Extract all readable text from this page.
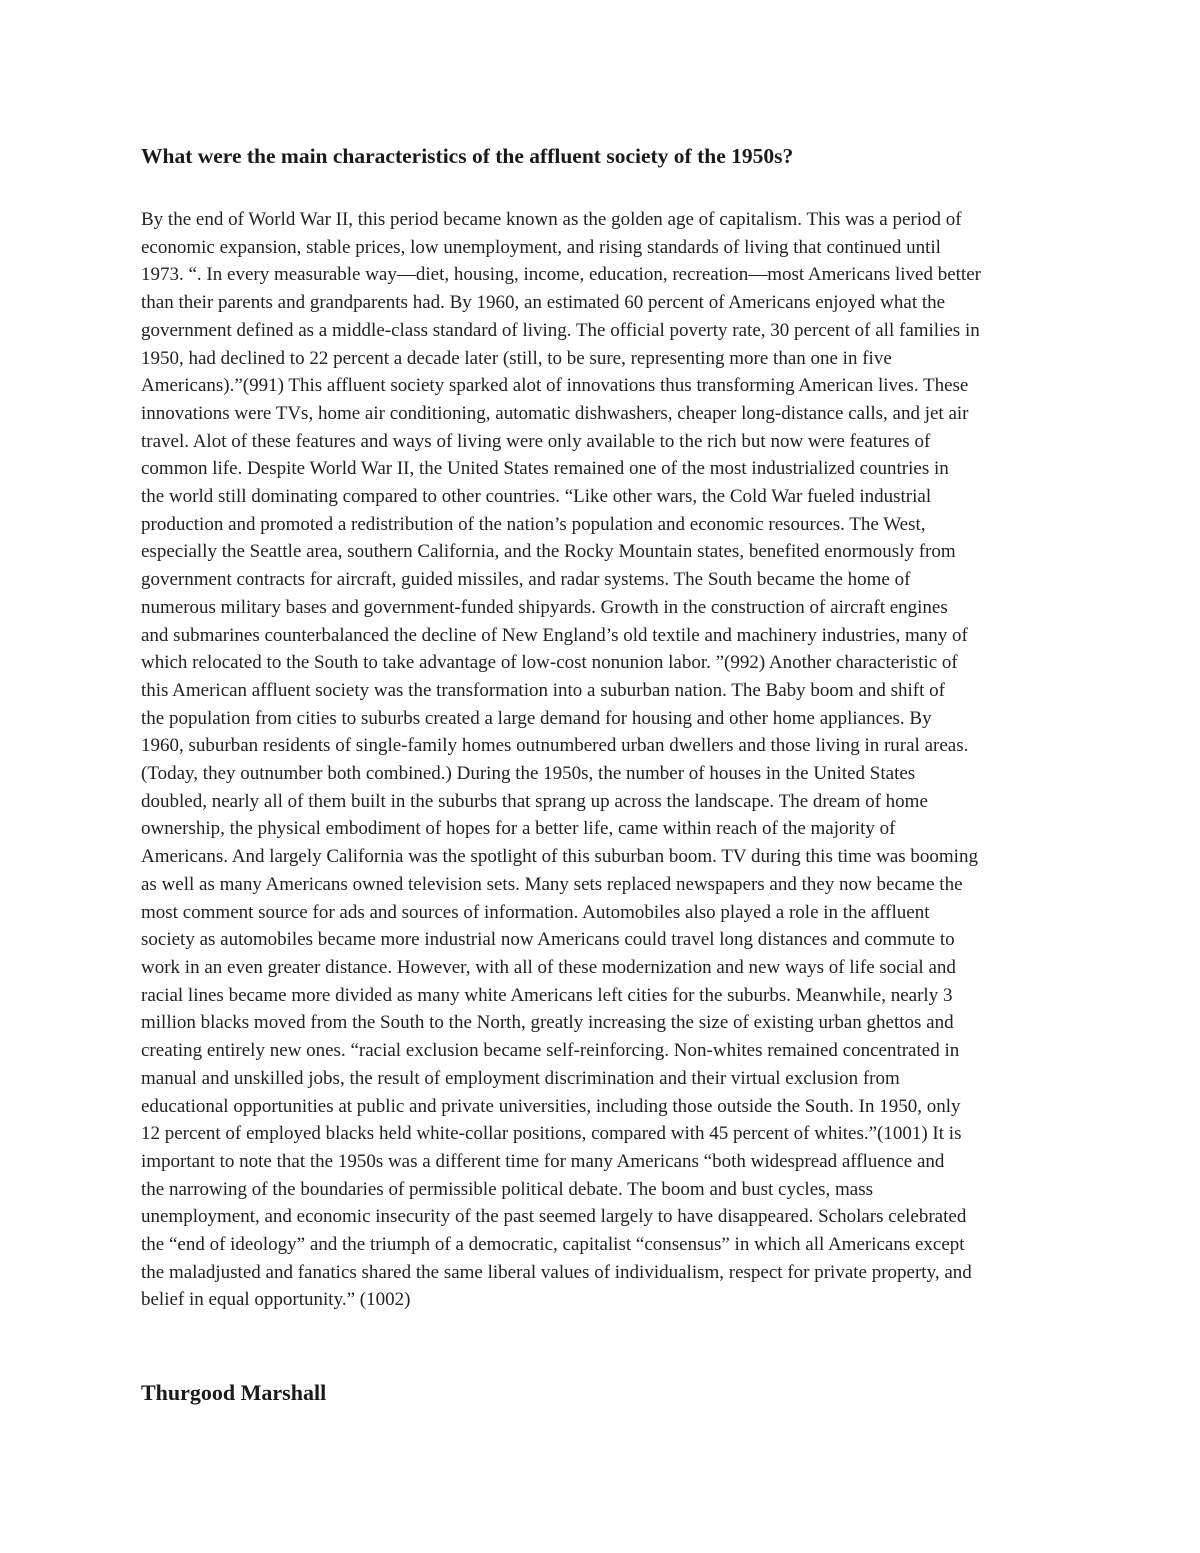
What were the main characteristics of the affluent society of the 1950s?
By the end of World War II, this period became known as the golden age of capitalism. This was a period of
economic expansion, stable prices, low unemployment, and rising standards of living that continued until
1973. “. In every measurable way—diet, housing, income, education, recreation—most Americans lived better
than their parents and grandparents had. By 1960, an estimated 60 percent of Americans enjoyed what the
government defined as a middle-class standard of living. The official poverty rate, 30 percent of all families in
1950, had declined to 22 percent a decade later (still, to be sure, representing more than one in five
Americans).”(991) This affluent society sparked alot of innovations thus transforming American lives. These
innovations were TVs, home air conditioning, automatic dishwashers, cheaper long-distance calls, and jet air
travel. Alot of these features and ways of living were only available to the rich but now were features of
common life. Despite World War II, the United States remained one of the most industrialized countries in
the world still dominating compared to other countries. “Like other wars, the Cold War fueled industrial
production and promoted a redistribution of the nation’s population and economic resources. The West,
especially the Seattle area, southern California, and the Rocky Mountain states, benefited enormously from
government contracts for aircraft, guided missiles, and radar systems. The South became the home of
numerous military bases and government-funded shipyards. Growth in the construction of aircraft engines
and submarines counterbalanced the decline of New England’s old textile and machinery industries, many of
which relocated to the South to take advantage of low-cost nonunion labor. ”(992) Another characteristic of
this American affluent society was the transformation into a suburban nation. The Baby boom and shift of
the population from cities to suburbs created a large demand for housing and other home appliances. By
1960, suburban residents of single-family homes outnumbered urban dwellers and those living in rural areas.
(Today, they outnumber both combined.) During the 1950s, the number of houses in the United States
doubled, nearly all of them built in the suburbs that sprang up across the landscape. The dream of home
ownership, the physical embodiment of hopes for a better life, came within reach of the majority of
Americans. And largely California was the spotlight of this suburban boom. TV during this time was booming
as well as many Americans owned television sets. Many sets replaced newspapers and they now became the
most comment source for ads and sources of information. Automobiles also played a role in the affluent
society as automobiles became more industrial now Americans could travel long distances and commute to
work in an even greater distance. However, with all of these modernization and new ways of life social and
racial lines became more divided as many white Americans left cities for the suburbs. Meanwhile, nearly 3
million blacks moved from the South to the North, greatly increasing the size of existing urban ghettos and
creating entirely new ones. “racial exclusion became self-reinforcing. Non-whites remained concentrated in
manual and unskilled jobs, the result of employment discrimination and their virtual exclusion from
educational opportunities at public and private universities, including those outside the South. In 1950, only
12 percent of employed blacks held white-collar positions, compared with 45 percent of whites.”(1001) It is
important to note that the 1950s was a different time for many Americans “both widespread affluence and
the narrowing of the boundaries of permissible political debate. The boom and bust cycles, mass
unemployment, and economic insecurity of the past seemed largely to have disappeared. Scholars celebrated
the “end of ideology” and the triumph of a democratic, capitalist “consensus” in which all Americans except
the maladjusted and fanatics shared the same liberal values of individualism, respect for private property, and
belief in equal opportunity.” (1002)
Thurgood Marshall
